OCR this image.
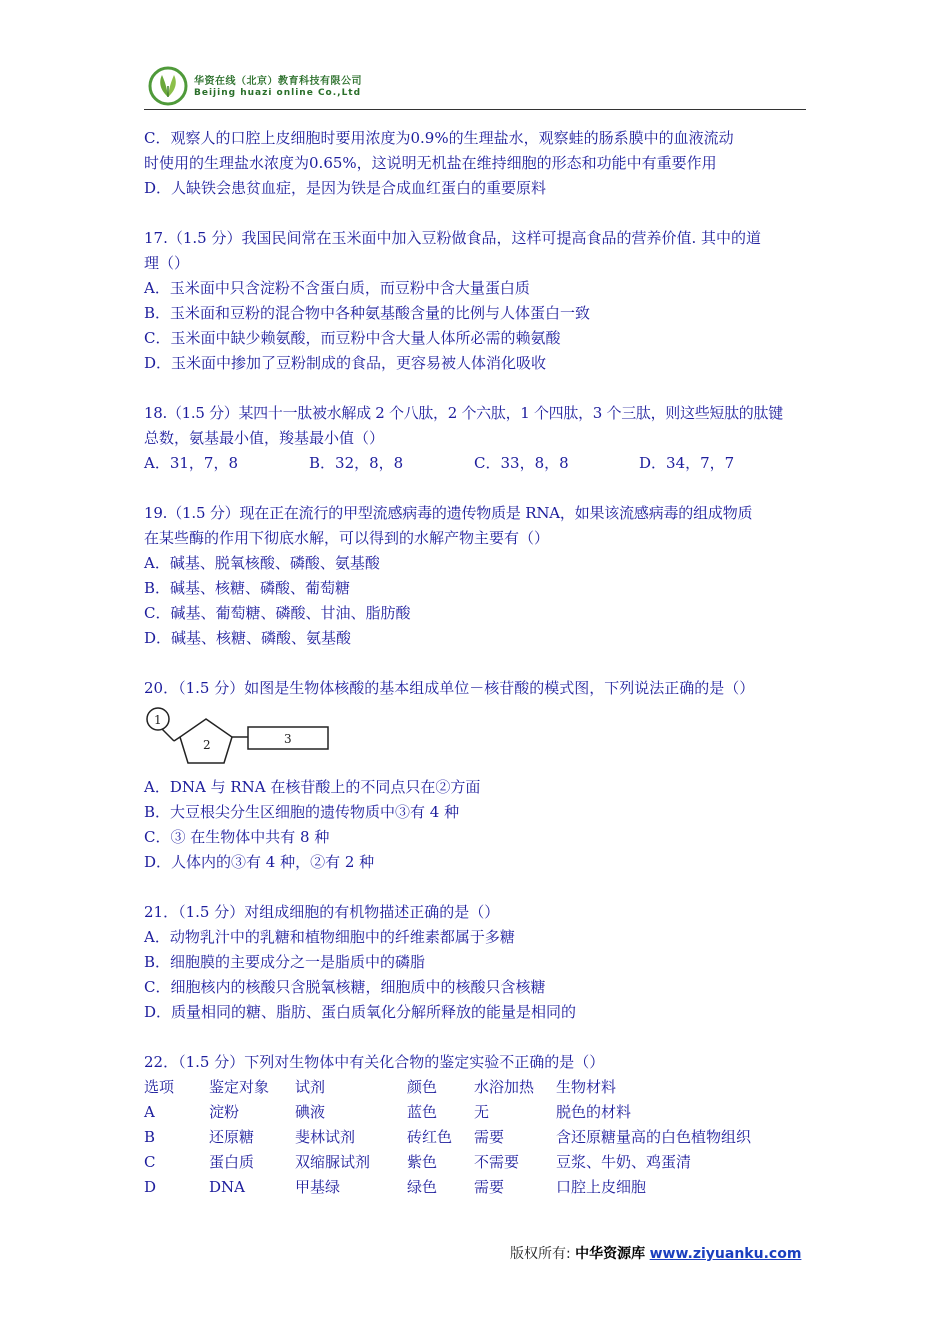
华资在线（北京）教育科技有限公司
Beijing huazi online Co.,Ltd

C．观察人的口腔上皮细胞时要用浓度为0.9%的生理盐水，观察蛙的肠系膜中的血液流动

时使用的生理盐水浓度为0.65%，这说明无机盐在维持细胞的形态和功能中有重要作用

D．人缺铁会患贫血症，是因为铁是合成血红蛋白的重要原料

17.（1.5 分）我国民间常在玉米面中加入豆粉做食品，这样可提高食品的营养价值. 其中的道

理（）

A．玉米面中只含淀粉不含蛋白质，而豆粉中含大量蛋白质

B．玉米面和豆粉的混合物中各种氨基酸含量的比例与人体蛋白一致

C．玉米面中缺少赖氨酸，而豆粉中含大量人体所必需的赖氨酸

D．玉米面中掺加了豆粉制成的食品，更容易被人体消化吸收

18.（1.5 分）某四十一肽被水解成 2 个八肽，2 个六肽，1 个四肽，3 个三肽，则这些短肽的肽键

总数，氨基最小值，羧基最小值（）

A．31，7，8	B．32，8，8	C．33，8，8	D．34，7，7

19.（1.5 分）现在正在流行的甲型流感病毒的遗传物质是 RNA，如果该流感病毒的组成物质

在某些酶的作用下彻底水解，可以得到的水解产物主要有（）

A．碱基、脱氧核酸、磷酸、氨基酸

B．碱基、核糖、磷酸、葡萄糖

C．碱基、葡萄糖、磷酸、甘油、脂肪酸

D．碱基、核糖、磷酸、氨基酸

20．（1.5 分）如图是生物体核酸的基本组成单位－核苷酸的模式图，下列说法正确的是（）

1
2	3

A．DNA 与 RNA 在核苷酸上的不同点只在②方面

B．大豆根尖分生区细胞的遗传物质中③有 4 种

C．③ 在生物体中共有 8 种

D．人体内的③有 4 种，②有 2 种

21．（1.5 分）对组成细胞的有机物描述正确的是（）

A．动物乳汁中的乳糖和植物细胞中的纤维素都属于多糖

B．细胞膜的主要成分之一是脂质中的磷脂

C．细胞核内的核酸只含脱氧核糖，细胞质中的核酸只含核糖

D．质量相同的糖、脂肪、蛋白质氧化分解所释放的能量是相同的

22．（1.5 分）下列对生物体中有关化合物的鉴定实验不正确的是（）

选项	鉴定对象	试剂	颜色	水浴加热	生物材料
A	淀粉	碘液	蓝色	无	脱色的材料
B	还原糖	斐林试剂	砖红色	需要	含还原糖量高的白色植物组织
C	蛋白质	双缩脲试剂	紫色	不需要	豆浆、牛奶、鸡蛋清
D	DNA	甲基绿	绿色	需要	口腔上皮细胞
版权所有: 中华资源库 www.ziyuanku.com
